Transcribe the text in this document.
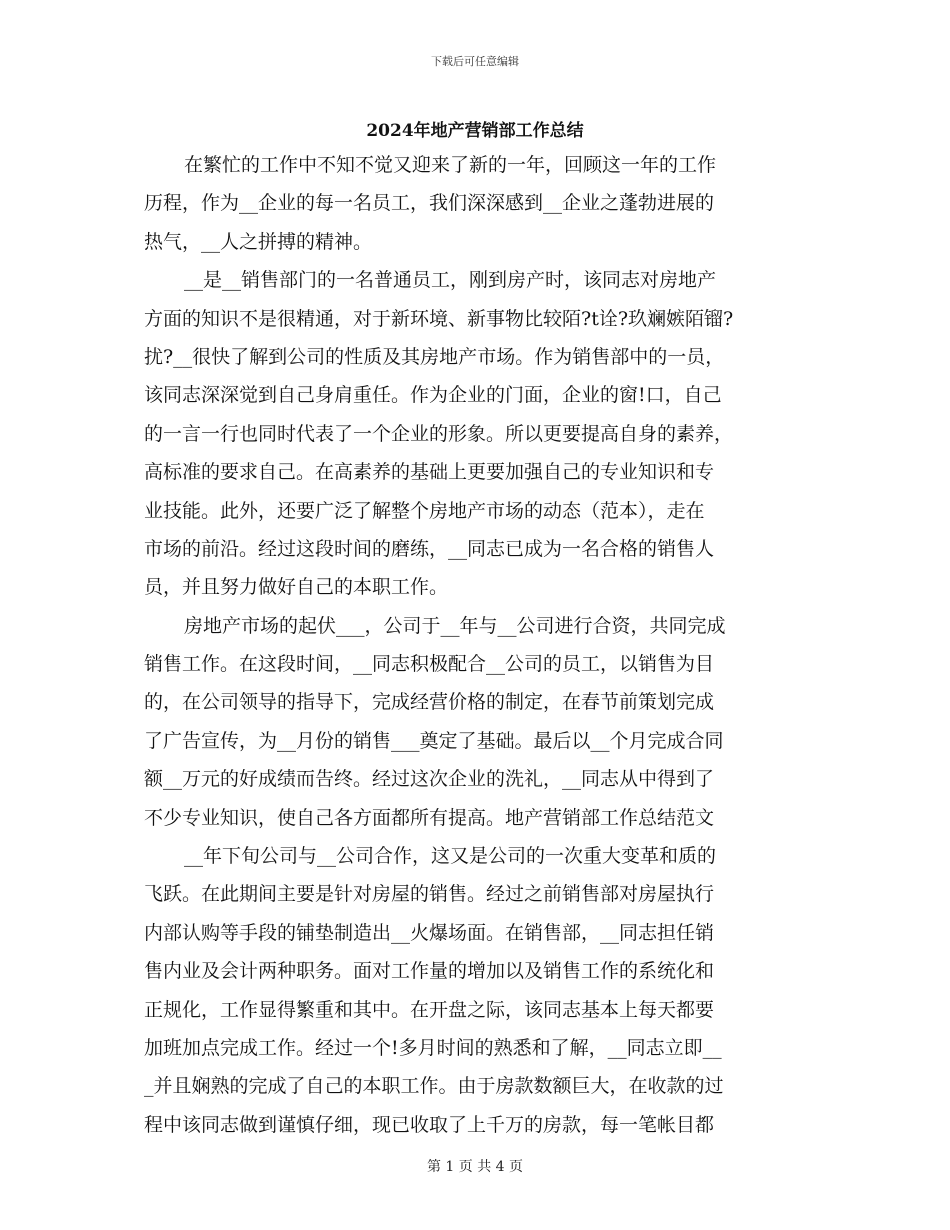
下载后可任意编辑
2024年地产营销部工作总结
在繁忙的工作中不知不觉又迎来了新的一年，回顾这一年的工作
历程，作为__企业的每一名员工，我们深深感到__企业之蓬勃进展的
热气，__人之拼搏的精神。
__是__销售部门的一名普通员工，刚到房产时，该同志对房地产
方面的知识不是很精通，对于新环境、新事物比较陌?t诠?玖斓嫉陌镏?
扰?__很快了解到公司的性质及其房地产市场。作为销售部中的一员，
该同志深深觉到自己身肩重任。作为企业的门面，企业的窗!口，自己
的一言一行也同时代表了一个企业的形象。所以更要提高自身的素养，
高标准的要求自己。在高素养的基础上更要加强自己的专业知识和专
业技能。此外，还要广泛了解整个房地产市场的动态（范本），走在
市场的前沿。经过这段时间的磨练，__同志已成为一名合格的销售人
员，并且努力做好自己的本职工作。
房地产市场的起伏___，公司于__年与__公司进行合资，共同完成
销售工作。在这段时间，__同志积极配合__公司的员工，以销售为目
的，在公司领导的指导下，完成经营价格的制定，在春节前策划完成
了广告宣传，为__月份的销售___奠定了基础。最后以__个月完成合同
额__万元的好成绩而告终。经过这次企业的洗礼，__同志从中得到了
不少专业知识，使自己各方面都所有提高。地产营销部工作总结范文
__年下旬公司与__公司合作，这又是公司的一次重大变革和质的
飞跃。在此期间主要是针对房屋的销售。经过之前销售部对房屋执行
内部认购等手段的铺垫制造出__火爆场面。在销售部，__同志担任销
售内业及会计两种职务。面对工作量的增加以及销售工作的系统化和
正规化，工作显得繁重和其中。在开盘之际，该同志基本上每天都要
加班加点完成工作。经过一个!多月时间的熟悉和了解，__同志立即__
_并且娴熟的完成了自己的本职工作。由于房款数额巨大，在收款的过
程中该同志做到谨慎仔细，现已收取了上千万的房款，每一笔帐目都
第 1 页 共 4 页
